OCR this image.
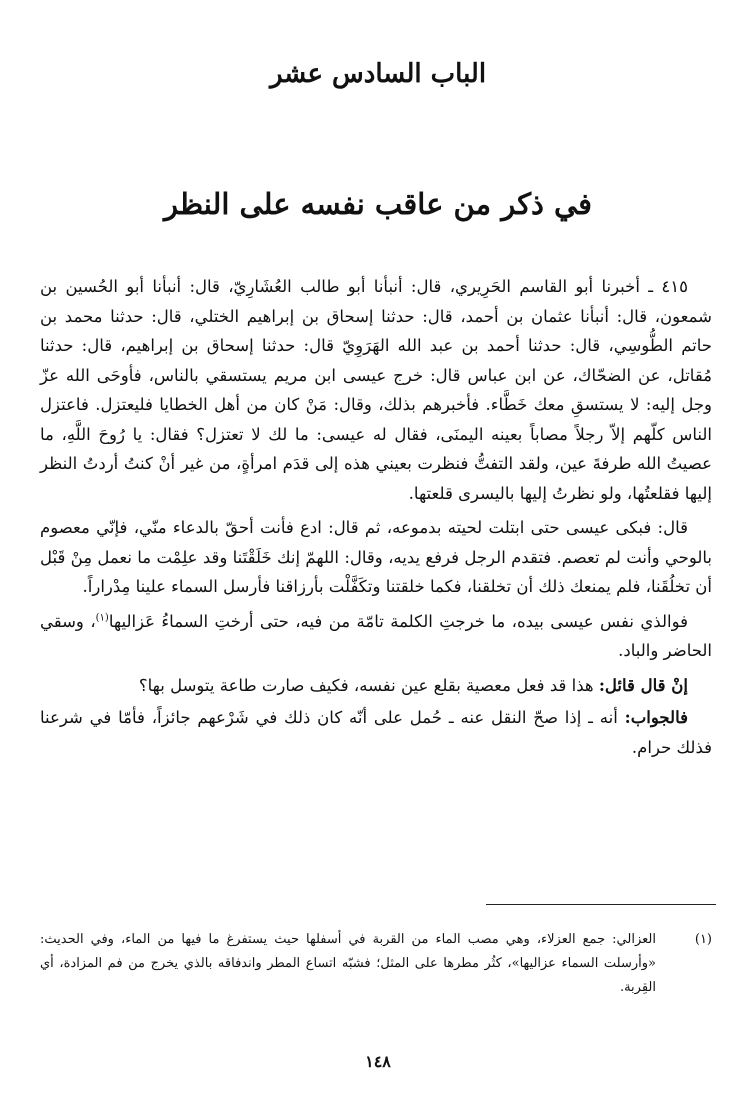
الباب السادس عشر
في ذكر من عاقب نفسه على النظر

٤١٥ ـ أخبرنا أبو القاسم الحَرِيري، قال: أنبأنا أبو طالب العُشَارِيّ، قال: أنبأنا أبو الحُسين بن شمعون، قال: أنبأنا عثمان بن أحمد، قال: حدثنا إسحاق بن إبراهيم الختلي، قال: حدثنا محمد بن حاتم الطُّوسِي، قال: حدثنا أحمد بن عبد الله الهَرَوِيّ قال: حدثنا إسحاق بن إبراهيم، قال: حدثنا مُقاتل، عن الضحّاك، عن ابن عباس قال: خرج عيسى ابن مريم يستسقي بالناس، فأوحَى الله عزّ وجل إليه: لا يستسقِ معك خَطَّاء. فأخبرهم بذلك، وقال: مَنْ كان من أهل الخطايا فليعتزل. فاعتزل الناس كلّهم إلاّ رجلاً مصاباً بعينه اليمنَى، فقال له عيسى: ما لك لا تعتزل؟ فقال: يا رُوحَ اللَّهِ، ما عصيتُ الله طرفةَ عين، ولقد التفتُّ فنظرت بعيني هذه إلى قدَم امرأةٍ، من غير أنْ كنتُ أردتُ النظر إليها فقلعتُها، ولو نظرتُ إليها باليسرى قلعتها.

قال: فبكى عيسى حتى ابتلت لحيته بدموعه، ثم قال: ادع فأنت أحقّ بالدعاء منّي، فإنّي معصوم بالوحي وأنت لم تعصم. فتقدم الرجل فرفع يديه، وقال: اللهمّ إنك خَلَقْتَنا وقد علِمْت ما نعمل مِنْ قَبْل أن تخلُقَنا، فلم يمنعك ذلك أن تخلقنا، فكما خلقتنا وتكَفَّلْت بأرزاقنا فأرسل السماء علينا مِدْراراً.

فوالذي نفس عيسى بيده، ما خرجتِ الكلمة تامّة من فيه، حتى أرختِ السماءُ عَزاليها$^{(١)}$، وسقي الحاضر والباد.

إنْ قال قائل: هذا قد فعل معصية بقلع عين نفسه، فكيف صارت طاعة يتوسل بها؟

فالجواب: أنه ـ إذا صحّ النقل عنه ـ حُمل على أنّه كان ذلك في شَرْعهم جائزاً، فأمّا في شرعنا فذلك حرام.

(١)
العزالي: جمع العزلاء، وهي مصب الماء من القربة في أسفلها حيث يستفرغ ما فيها من الماء، وفي الحديث: «وأرسلت السماء عزاليها»، كثُر مطرها على المثل؛ فشبّه اتساع المطر واندفاقه بالذي يخرج من فم المزادة، أي القِربة.
١٤٨
